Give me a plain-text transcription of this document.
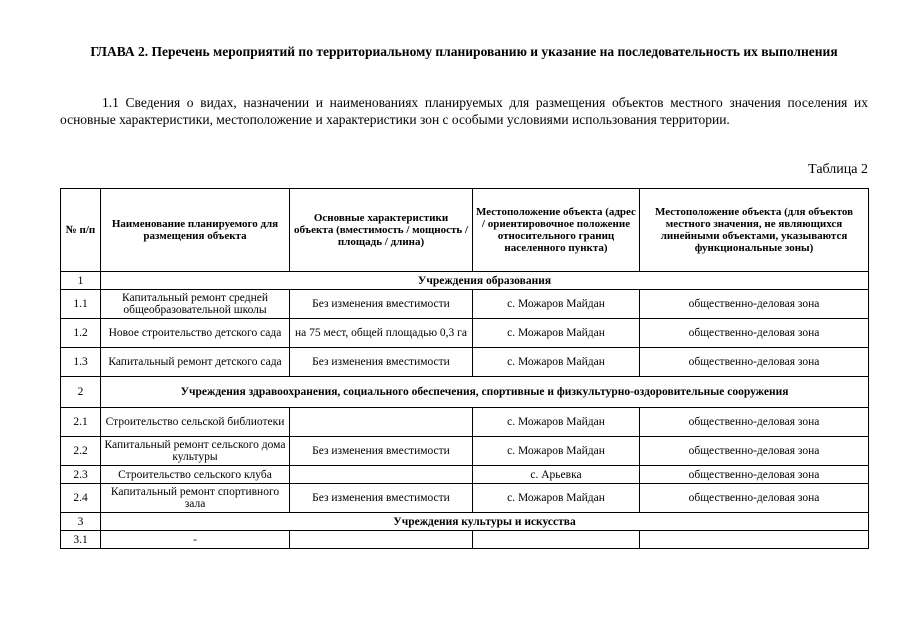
ГЛАВА 2. Перечень мероприятий по территориальному планированию и указание на последовательность их выполнения
1.1 Сведения о видах, назначении и наименованиях планируемых для размещения объектов местного значения поселения их основные характеристики, местоположение и характеристики зон с особыми условиями использования территории.
Таблица 2
№ п/п	Наименование планируемого для размещения объекта	Основные характеристики объекта (вместимость / мощность / площадь / длина)	Местоположение объекта (адрес / ориентировочное положение относительного границ населенного пункта)	Местоположение объекта (для объектов местного значения, не являющихся линейными объектами, указываются функциональные зоны)
1	Учреждения образования			
1.1	Капитальный ремонт средней общеобразовательной школы	Без изменения вместимости	с. Можаров Майдан	общественно-деловая зона
1.2	Новое строительство детского сада	на 75 мест, общей площадью 0,3 га	с. Можаров Майдан	общественно-деловая зона
1.3	Капитальный ремонт детского сада	Без изменения вместимости	с. Можаров Майдан	общественно-деловая зона
2	Учреждения здравоохранения, социального обеспечения, спортивные и физкультурно-оздоровительные сооружения			
2.1	Строительство сельской библиотеки		с. Можаров Майдан	общественно-деловая зона
2.2	Капитальный ремонт сельского дома культуры	Без изменения вместимости	с. Можаров Майдан	общественно-деловая зона
2.3	Строительство сельского клуба		с. Арьевка	общественно-деловая зона
2.4	Капитальный ремонт спортивного зала	Без изменения вместимости	с. Можаров Майдан	общественно-деловая зона
3	Учреждения культуры и искусства			
3.1	-			
